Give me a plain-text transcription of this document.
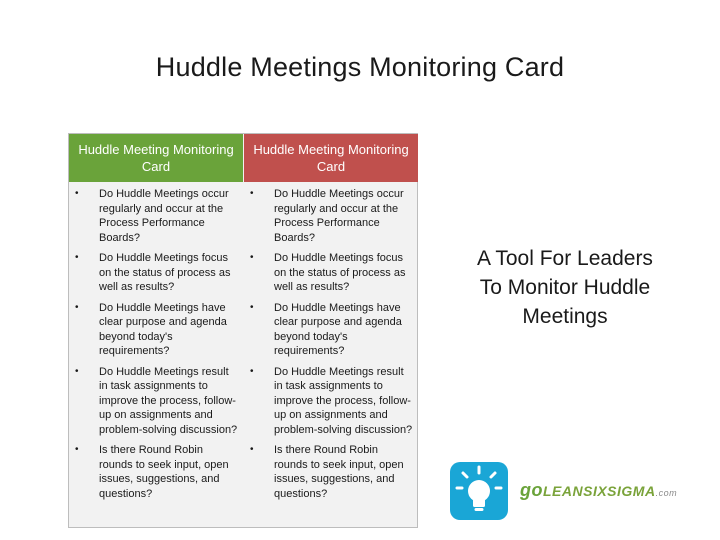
Huddle Meetings Monitoring Card
Huddle Meeting Monitoring Card
• Do Huddle Meetings occur regularly and occur at the Process Performance Boards?
• Do Huddle Meetings focus on the status of process as well as results?
• Do Huddle Meetings have clear purpose and agenda beyond today's requirements?
• Do Huddle Meetings result in task assignments to improve the process, follow-up on assignments and problem-solving discussion?
• Is there Round Robin rounds to seek input, open issues, suggestions, and questions?
Huddle Meeting Monitoring Card
• Do Huddle Meetings occur regularly and occur at the Process Performance Boards?
• Do Huddle Meetings focus on the status of process as well as results?
• Do Huddle Meetings have clear purpose and agenda beyond today's requirements?
• Do Huddle Meetings result in task assignments to improve the process, follow-up on assignments and problem-solving discussion?
• Is there Round Robin rounds to seek input, open issues, suggestions, and questions?
A Tool For Leaders To Monitor Huddle Meetings
goLEANSIXSIGMA.com
